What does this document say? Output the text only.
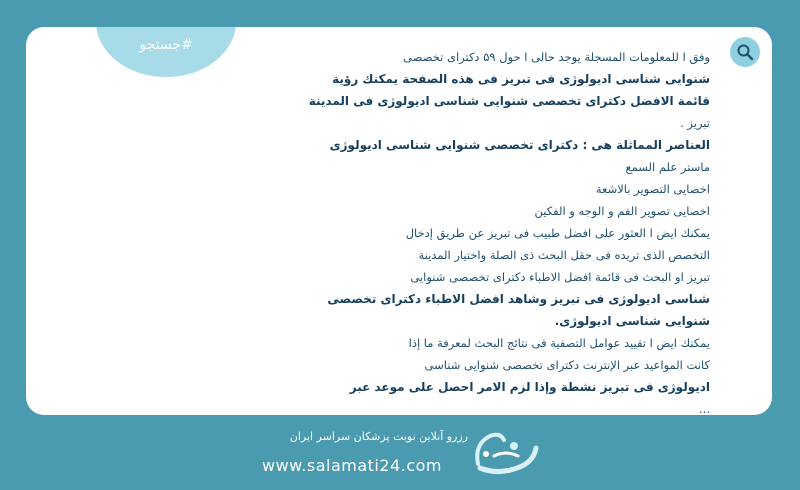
#جستجو
وفق ا للمعلومات المسجلة يوجد حالی ا حول ۵۹ دکترای تخصصی
شنوایی شناسی ادیولوژی فی تبریز فی هذه الصفحة یمكنك رؤیة
قائمة الافضل دکترای تخصصی شنوایی شناسی ادیولوژی فی المدینة
تبریز .
العناصر المماثلة هی : دکترای تخصصی شنوایی شناسی ادیولوژی
ماستر علم السمع
اخصایی التصویر بالاشعة
اخصایی تصویر الفم و الوجه و الفكین
یمكنك ایض ا العثور علی افضل طبیب فی تبریز عن طریق إدخال
التخصص الذی تریده فی حقل البحث ذی الصلة واختیار المدینة
تبریز او البحث فی قائمة افضل الاطباء دکترای تخصصی شنوایی
شناسی ادیولوژی فی تبریز وشاهد افضل الاطباء دکترای تخصصی
شنوایی شناسی ادیولوژی.
یمكنك ایض ا تقیید عوامل التصفیة فی نتائج البحث لمعرفة ما إذا
كانت المواعید عبر الإنترنت دکترای تخصصی شنوایی شناسی
ادیولوژی فی تبریز نشطة وإذا لزم الامر احصل علی موعد عبر
...
رزرو آنلاین نوبت پزشکان سراسر ایران
www.salamati24.com
